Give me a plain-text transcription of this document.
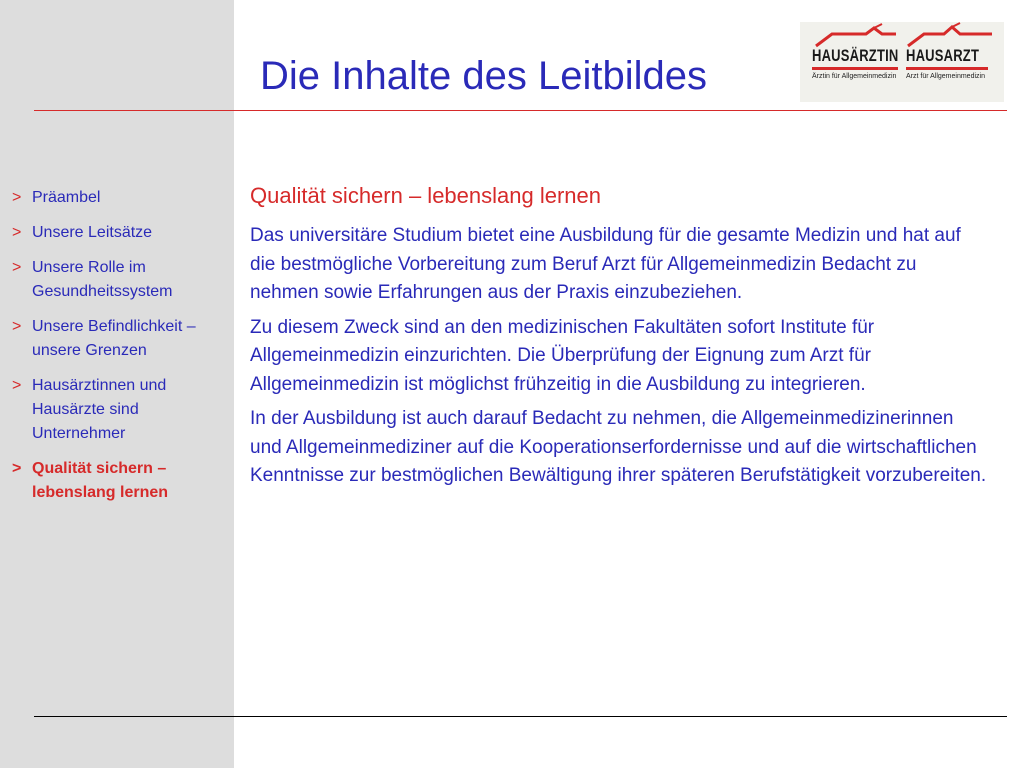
Die Inhalte des Leitbildes	HAUSÄRZTIN
Ärztin für Allgemeinmedizin
HAUSARZT
Arzt für Allgemeinmedizin
> Präambel
> Unsere Leitsätze
> Unsere Rolle im Gesundheitssystem
> Unsere Befindlichkeit – unsere Grenzen
> Hausärztinnen und Hausärzte sind Unternehmer
> Qualität sichern – lebenslang lernen
Qualität sichern – lebenslang lernen

Das universitäre Studium bietet eine Ausbildung für die gesamte Medizin und hat auf die bestmögliche Vorbereitung zum Beruf Arzt für Allgemeinmedizin Bedacht zu nehmen sowie Erfahrungen aus der Praxis einzubeziehen.

Zu diesem Zweck sind an den medizinischen Fakultäten sofort Institute für Allgemeinmedizin einzurichten. Die Überprüfung der Eignung zum Arzt für Allgemeinmedizin ist möglichst frühzeitig in die Ausbildung zu integrieren.

In der Ausbildung ist auch darauf Bedacht zu nehmen, die Allgemeinmedizinerinnen und Allgemeinmediziner auf die Kooperationserfordernisse und auf die wirtschaftlichen Kenntnisse zur bestmöglichen Bewältigung ihrer späteren Berufstätigkeit vorzubereiten.
